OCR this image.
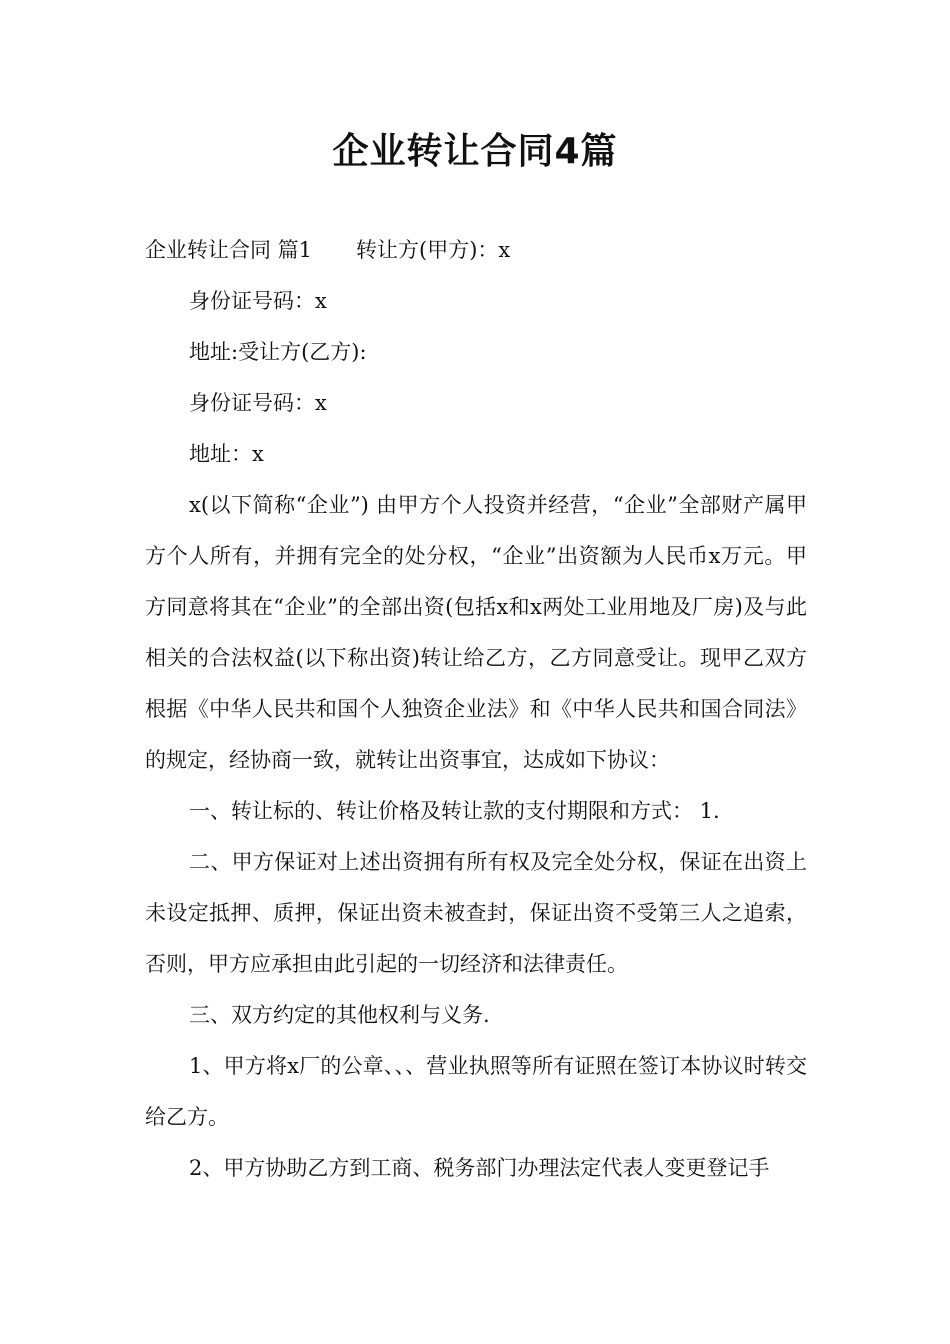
企业转让合同4篇

企业转让合同 篇1 转让方(甲方)：x

身份证号码：x

地址:受让方(乙方):

身份证号码：x

地址：x

x(以下简称“企业”) 由甲方个人投资并经营，“企业”全部财产属甲方个人所有，并拥有完全的处分权，“企业”出资额为人民币x万元。甲方同意将其在“企业”的全部出资(包括x和x两处工业用地及厂房)及与此相关的合法权益(以下称出资)转让给乙方，乙方同意受让。现甲乙双方根据《中华人民共和国个人独资企业法》和《中华人民共和国合同法》的规定，经协商一致，就转让出资事宜，达成如下协议：

一、转让标的、转让价格及转让款的支付期限和方式： 1.

二、甲方保证对上述出资拥有所有权及完全处分权，保证在出资上未设定抵押、质押，保证出资未被查封，保证出资不受第三人之追索，否则，甲方应承担由此引起的一切经济和法律责任。

三、双方约定的其他权利与义务.

1、甲方将x厂的公章、、、营业执照等所有证照在签订本协议时转交给乙方。

2、甲方协助乙方到工商、税务部门办理法定代表人变更登记手
